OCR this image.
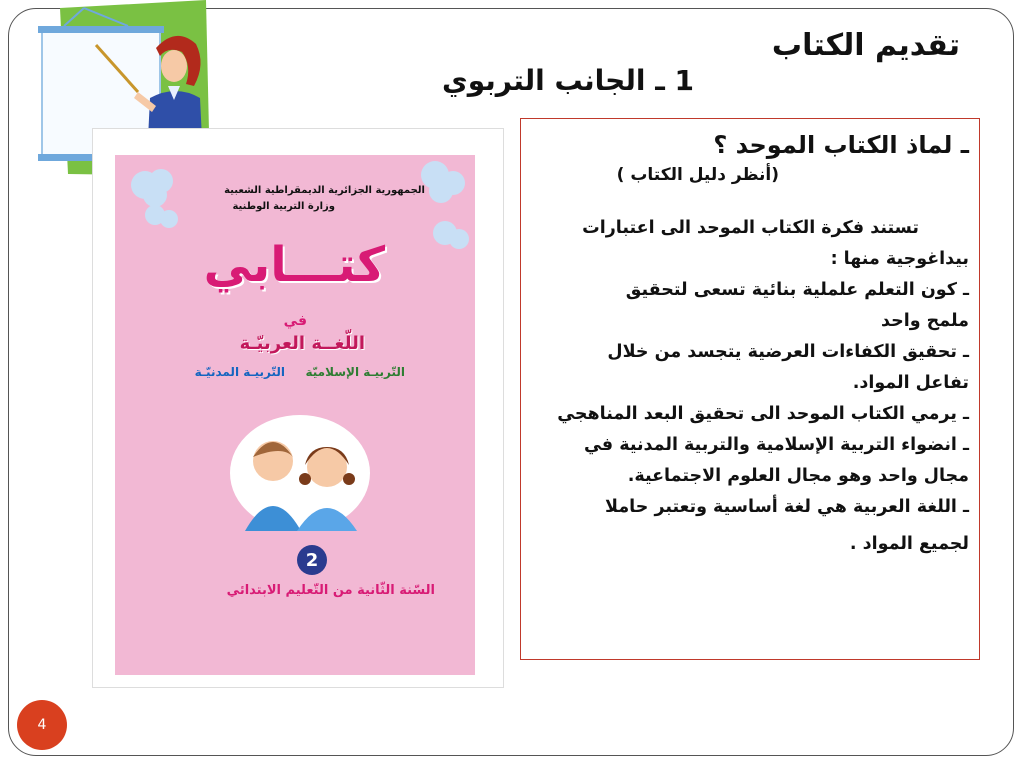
تقديم الكتاب
1 ـ الجانب التربوي
الجمهورية الجزائرية الديمقراطية الشعبية
وزارة التربية الوطنية
كتـــابي
في
اللّغــة العربيّـة
التّربيـة الإسلاميّة
التّربيـة المدنيّـة
2
السّنة الثّانية من التّعليم الابتدائي
ـ لماذ الكتاب الموحد ؟
(أنظر دليل الكتاب )
تستند فكرة الكتاب الموحد الى اعتبارات
بيداغوجية منها :
ـ كون التعلم علملية بنائية تسعى لتحقيق
ملمح واحد
ـ تحقيق الكفاءات العرضية يتجسد من خلال
تفاعل المواد.
ـ يرمي الكتاب الموحد الى تحقيق البعد المناهجي
ـ انضواء التربية الإسلامية والتربية المدنية في
مجال واحد وهو مجال العلوم الاجتماعية.
ـ اللغة العربية هي لغة أساسية وتعتبر حاملا
لجميع المواد .
4
